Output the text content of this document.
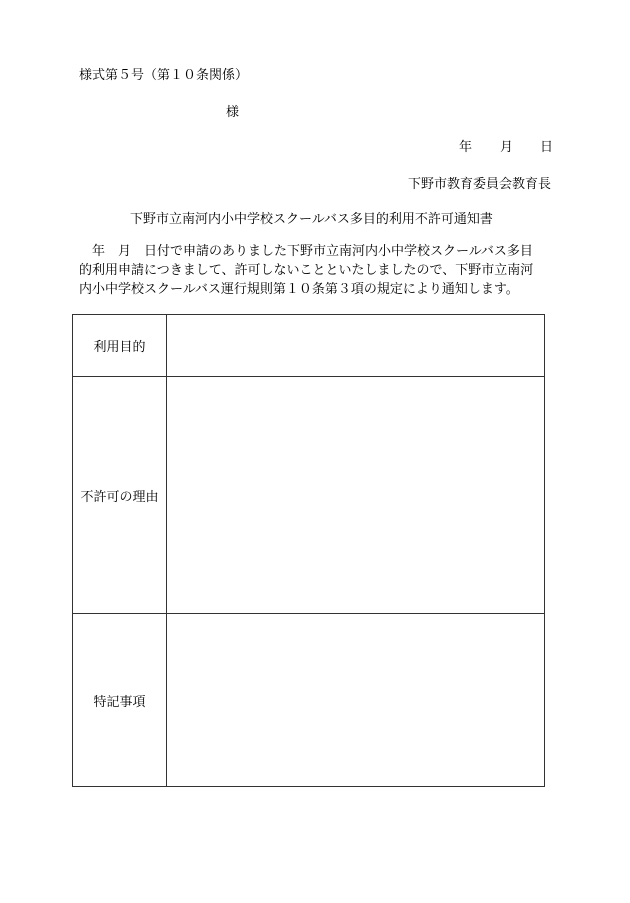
様式第５号（第１０条関係）
様
年 月 日
下野市教育委員会教育長
下野市立南河内小中学校スクールバス多目的利用不許可通知書
　年　月　日付で申請のありました下野市立南河内小中学校スクールバス多目
的利用申請につきまして、許可しないことといたしましたので、下野市立南河
内小中学校スクールバス運行規則第１０条第３項の規定により通知します。
利用目的	
不許可の理由	
特記事項	
